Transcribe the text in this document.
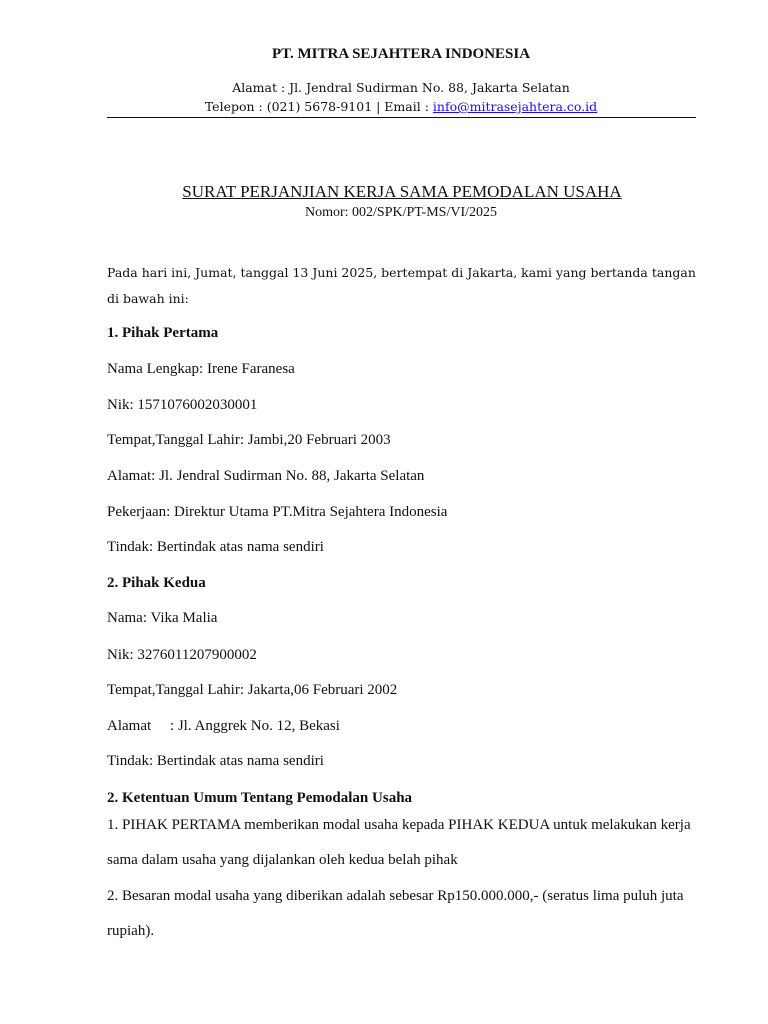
PT. MITRA SEJAHTERA INDONESIA
Alamat : Jl. Jendral Sudirman No. 88, Jakarta Selatan
Telepon : (021) 5678-9101 | Email : info@mitrasejahtera.co.id
SURAT PERJANJIAN KERJA SAMA PEMODALAN USAHA
Nomor: 002/SPK/PT-MS/VI/2025
Pada hari ini, Jumat, tanggal 13 Juni 2025, bertempat di Jakarta, kami yang bertanda tangan di bawah ini:
1. Pihak Pertama
Nama Lengkap: Irene Faranesa
Nik: 1571076002030001
Tempat,Tanggal Lahir: Jambi,20 Februari 2003
Alamat: Jl. Jendral Sudirman No. 88, Jakarta Selatan
Pekerjaan: Direktur Utama PT.Mitra Sejahtera Indonesia
Tindak: Bertindak atas nama sendiri
2. Pihak Kedua
Nama: Vika Malia
Nik: 3276011207900002
Tempat,Tanggal Lahir: Jakarta,06 Februari 2002
Alamat     : Jl. Anggrek No. 12, Bekasi
Tindak: Bertindak atas nama sendiri
2. Ketentuan Umum Tentang Pemodalan Usaha
1. PIHAK PERTAMA memberikan modal usaha kepada PIHAK KEDUA untuk melakukan kerja
sama dalam usaha yang dijalankan oleh kedua belah pihak
2. Besaran modal usaha yang diberikan adalah sebesar Rp150.000.000,- (seratus lima puluh juta
rupiah).
